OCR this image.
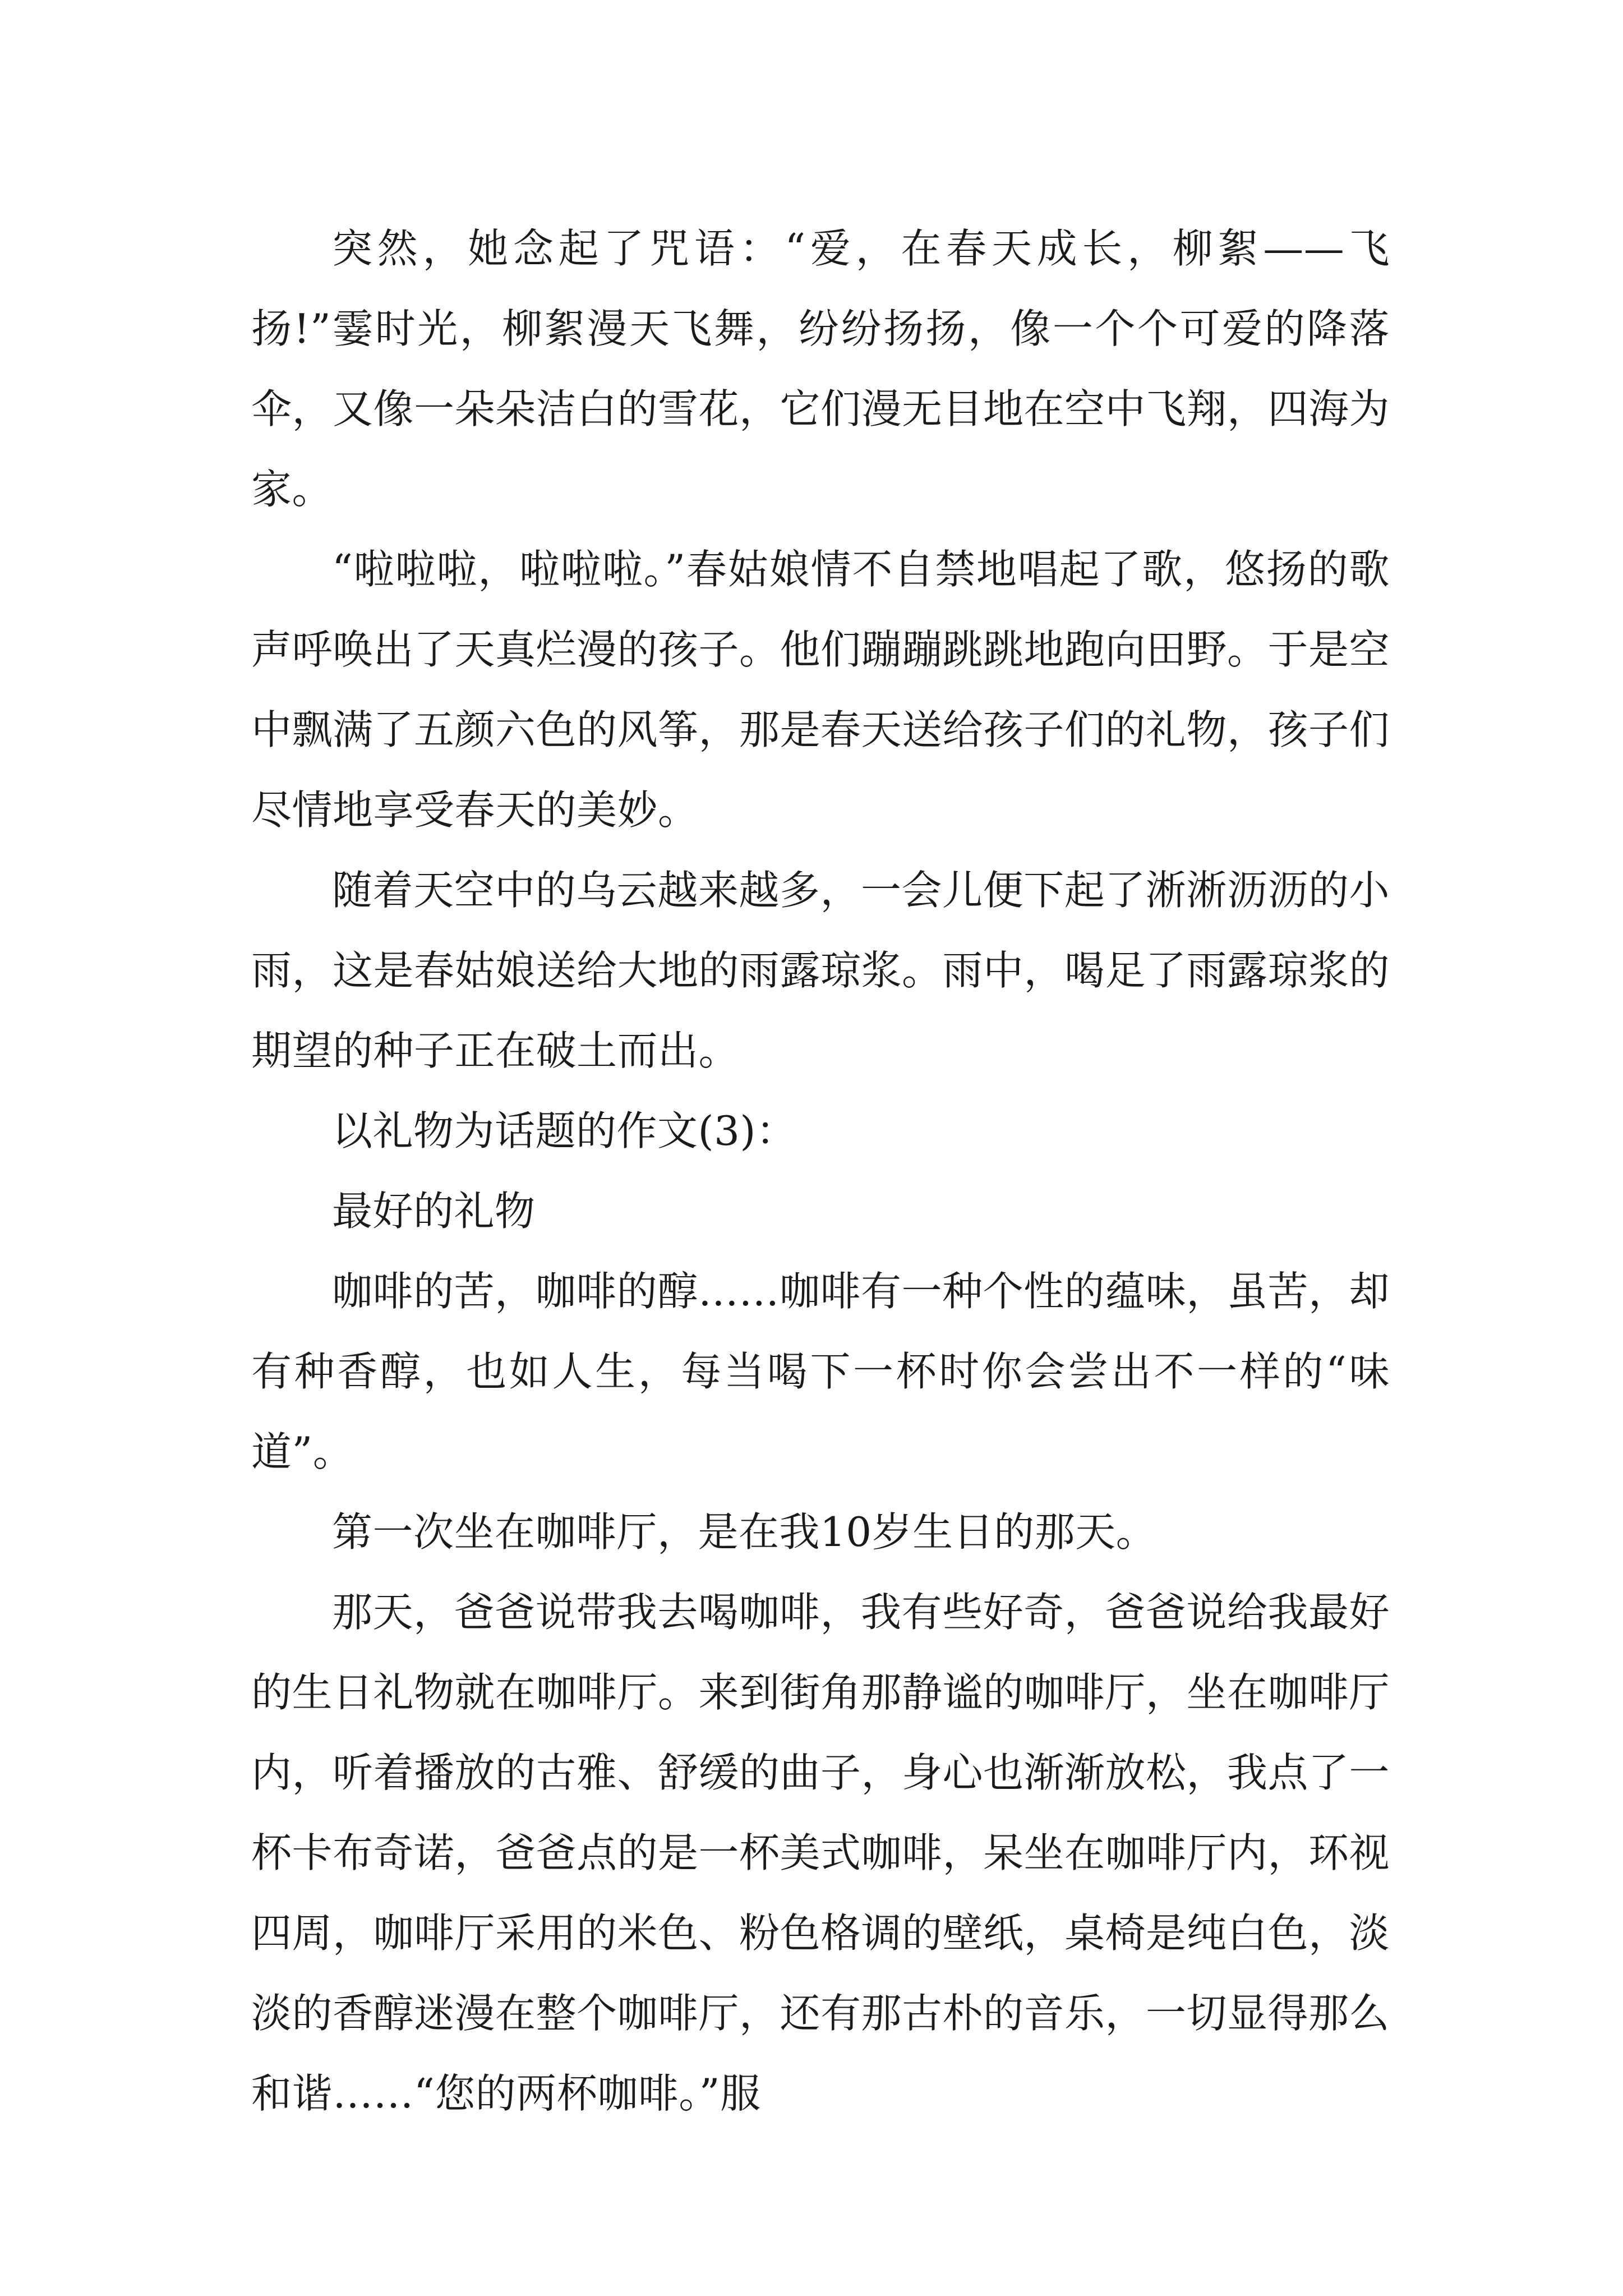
突然，她念起了咒语：“爱，在春天成长，柳絮——飞扬!”霎时光，柳絮漫天飞舞，纷纷扬扬，像一个个可爱的降落伞，又像一朵朵洁白的雪花，它们漫无目地在空中飞翔，四海为家。

“啦啦啦，啦啦啦。”春姑娘情不自禁地唱起了歌，悠扬的歌声呼唤出了天真烂漫的孩子。他们蹦蹦跳跳地跑向田野。于是空中飘满了五颜六色的风筝，那是春天送给孩子们的礼物，孩子们尽情地享受春天的美妙。

随着天空中的乌云越来越多，一会儿便下起了淅淅沥沥的小雨，这是春姑娘送给大地的雨露琼浆。雨中，喝足了雨露琼浆的期望的种子正在破土而出。

以礼物为话题的作文(3)：

最好的礼物

咖啡的苦，咖啡的醇……咖啡有一种个性的蕴味，虽苦，却有种香醇，也如人生，每当喝下一杯时你会尝出不一样的“味道”。

第一次坐在咖啡厅，是在我10岁生日的那天。

那天，爸爸说带我去喝咖啡，我有些好奇，爸爸说给我最好的生日礼物就在咖啡厅。来到街角那静谧的咖啡厅，坐在咖啡厅内，听着播放的古雅、舒缓的曲子，身心也渐渐放松，我点了一杯卡布奇诺，爸爸点的是一杯美式咖啡，呆坐在咖啡厅内，环视四周，咖啡厅采用的米色、粉色格调的壁纸，桌椅是纯白色，淡淡的香醇迷漫在整个咖啡厅，还有那古朴的音乐，一切显得那么和谐……“您的两杯咖啡。”服
